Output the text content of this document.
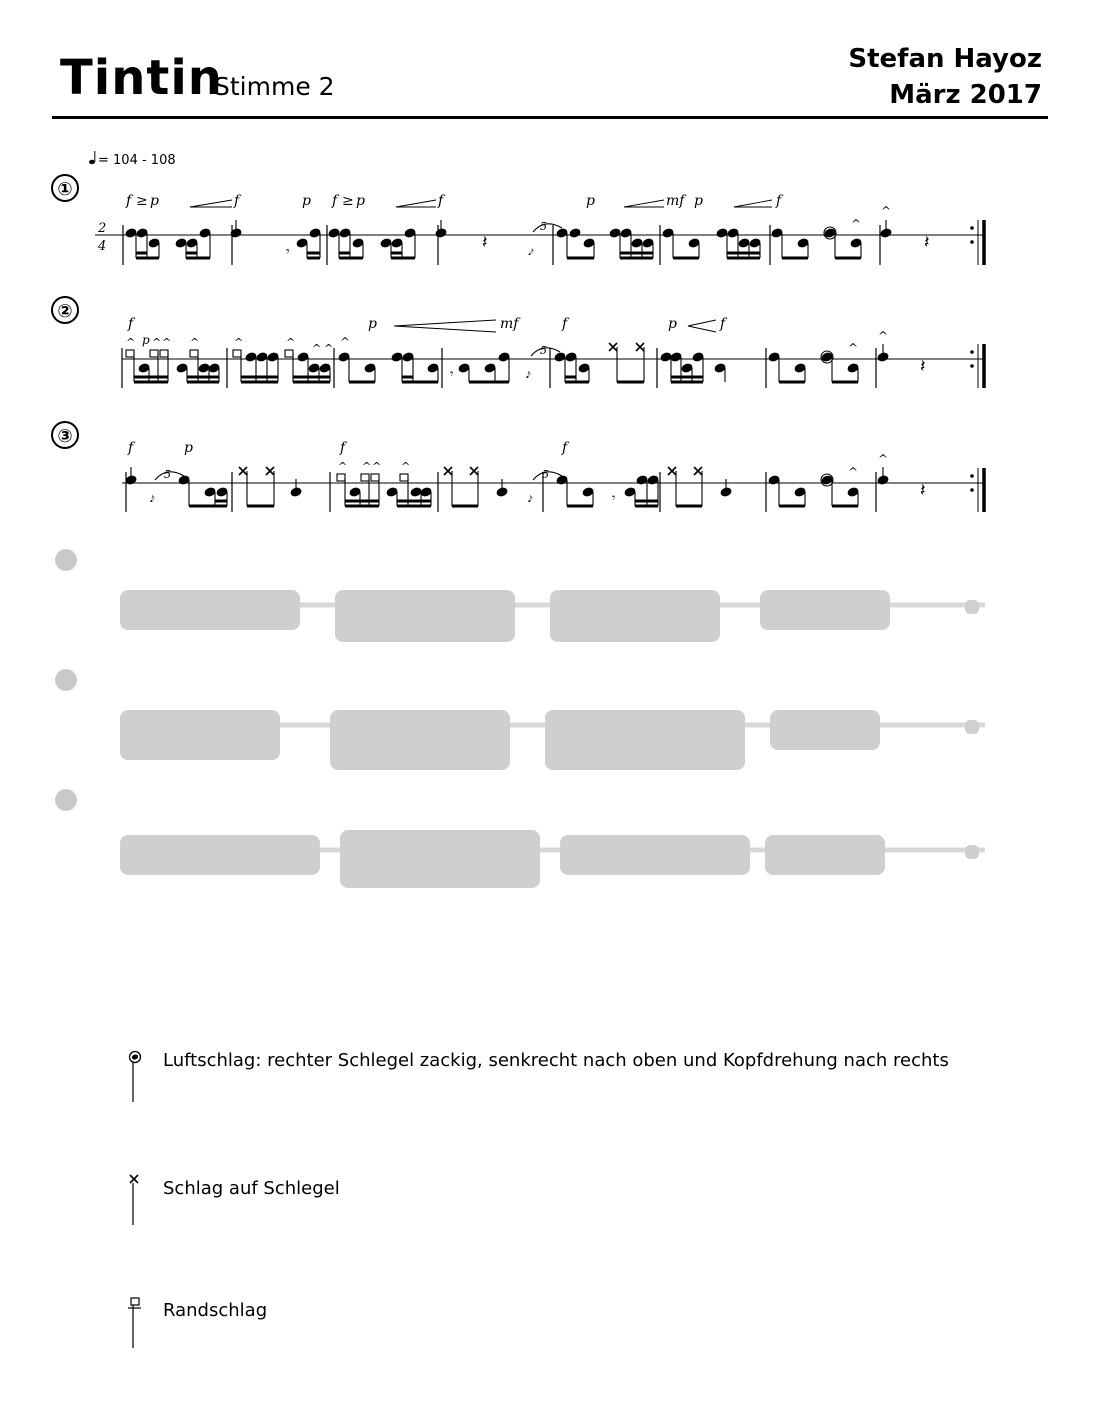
Tintin
Stimme 2
Stefan Hayoz
März 2017
= 104 - 108
①
2
4
f ≥ p	f	p f ≥ p	f	p	mf p	f
𝄾	𝄽	𝆔
5	^
^
𝄽
②
f
p
p	mf	f	p	f
^ ^ ^ ^	^	^ ^ ^ ^
𝄾	𝆔
5	^
^
𝄽
③
f	p	f	f
𝆔
5
^ ^ ^ ^
𝆔
5
𝄾
^
^
𝄽
Luftschlag: rechter Schlegel zackig, senkrecht nach oben und Kopfdrehung nach rechts
Schlag auf Schlegel
Randschlag
